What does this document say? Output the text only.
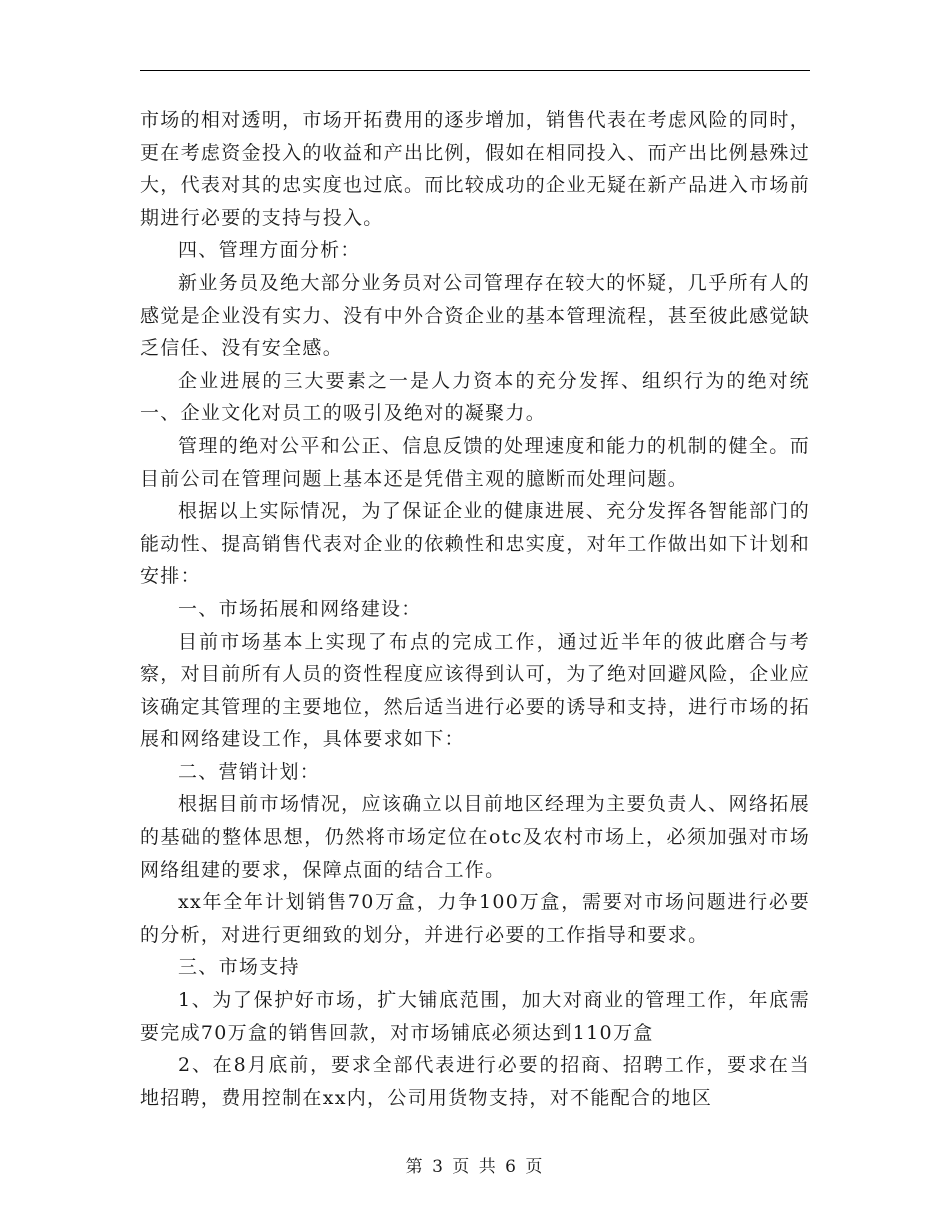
市场的相对透明，市场开拓费用的逐步增加，销售代表在考虑风险的同时，更在考虑资金投入的收益和产出比例，假如在相同投入、而产出比例悬殊过大，代表对其的忠实度也过底。而比较成功的企业无疑在新产品进入市场前期进行必要的支持与投入。

四、管理方面分析：

新业务员及绝大部分业务员对公司管理存在较大的怀疑，几乎所有人的感觉是企业没有实力、没有中外合资企业的基本管理流程，甚至彼此感觉缺乏信任、没有安全感。

企业进展的三大要素之一是人力资本的充分发挥、组织行为的绝对统一、企业文化对员工的吸引及绝对的凝聚力。

管理的绝对公平和公正、信息反馈的处理速度和能力的机制的健全。而目前公司在管理问题上基本还是凭借主观的臆断而处理问题。

根据以上实际情况，为了保证企业的健康进展、充分发挥各智能部门的能动性、提高销售代表对企业的依赖性和忠实度，对年工作做出如下计划和安排：

一、市场拓展和网络建设：

目前市场基本上实现了布点的完成工作，通过近半年的彼此磨合与考察，对目前所有人员的资性程度应该得到认可，为了绝对回避风险，企业应该确定其管理的主要地位，然后适当进行必要的诱导和支持，进行市场的拓展和网络建设工作，具体要求如下：

二、营销计划：

根据目前市场情况，应该确立以目前地区经理为主要负责人、网络拓展的基础的整体思想，仍然将市场定位在otc及农村市场上，必须加强对市场网络组建的要求，保障点面的结合工作。

xx年全年计划销售70万盒，力争100万盒，需要对市场问题进行必要的分析，对进行更细致的划分，并进行必要的工作指导和要求。

三、市场支持

1、为了保护好市场，扩大铺底范围，加大对商业的管理工作，年底需要完成70万盒的销售回款，对市场铺底必须达到110万盒

2、在8月底前，要求全部代表进行必要的招商、招聘工作，要求在当地招聘，费用控制在xx内，公司用货物支持，对不能配合的地区

第 3 页 共 6 页
